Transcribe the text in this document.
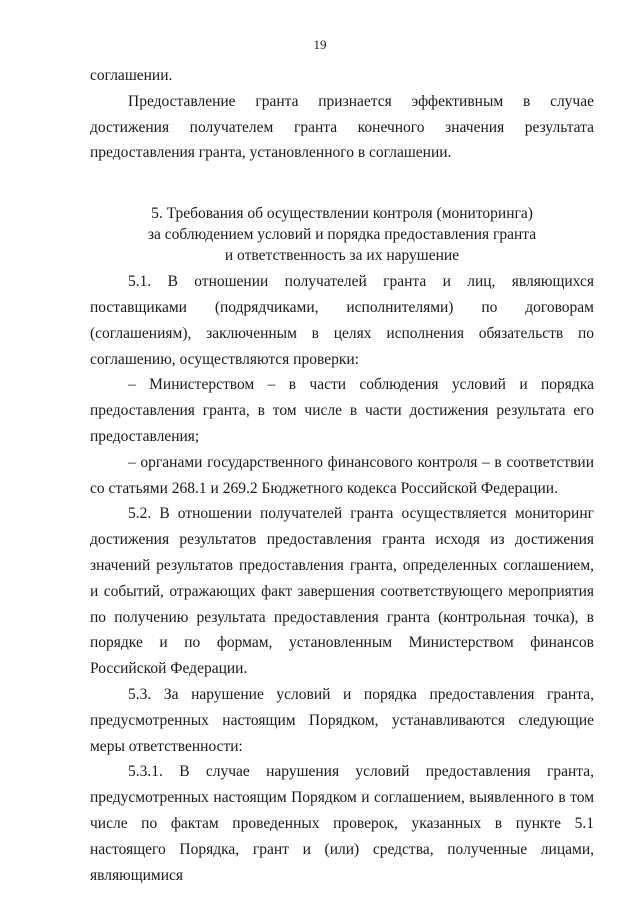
19

соглашении.

Предоставление гранта признается эффективным в случае достижения получателем гранта конечного значения результата предоставления гранта, установленного в соглашении.

5. Требования об осуществлении контроля (мониторинга)
за соблюдением условий и порядка предоставления гранта
и ответственность за их нарушение

5.1. В отношении получателей гранта и лиц, являющихся поставщиками (подрядчиками, исполнителями) по договорам (соглашениям), заключенным в целях исполнения обязательств по соглашению, осуществляются проверки:

– Министерством – в части соблюдения условий и порядка предоставления гранта, в том числе в части достижения результата его предоставления;

– органами государственного финансового контроля – в соответствии со статьями 268.1 и 269.2 Бюджетного кодекса Российской Федерации.

5.2. В отношении получателей гранта осуществляется мониторинг достижения результатов предоставления гранта исходя из достижения значений результатов предоставления гранта, определенных соглашением, и событий, отражающих факт завершения соответствующего мероприятия по получению результата предоставления гранта (контрольная точка), в порядке и по формам, установленным Министерством финансов Российской Федерации.

5.3. За нарушение условий и порядка предоставления гранта, предусмотренных настоящим Порядком, устанавливаются следующие меры ответственности:

5.3.1. В случае нарушения условий предоставления гранта, предусмотренных настоящим Порядком и соглашением, выявленного в том числе по фактам проведенных проверок, указанных в пункте 5.1 настоящего Порядка, грант и (или) средства, полученные лицами, являющимися
